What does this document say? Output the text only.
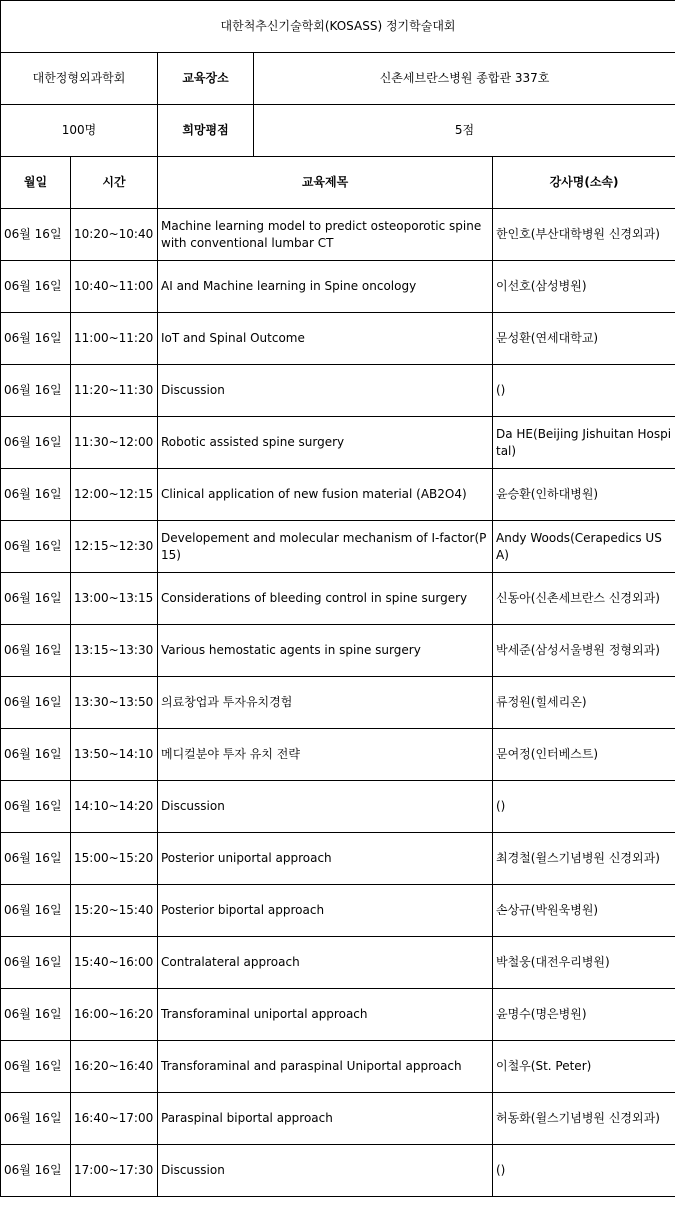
대한척추신기술학회(KOSASS) 정기학술대회				
대한정형외과학회		교육장소	신촌세브란스병원 종합관 337호	
100명		희망평점	5점	
월일	시간	교육제목		강사명(소속)
06월 16일	10:20~10:40	Machine learning model to predict osteoporotic spine with conventional lumbar CT		한인호(부산대학병원 신경외과)
06월 16일	10:40~11:00	AI and Machine learning in Spine oncology		이선호(삼성병원)
06월 16일	11:00~11:20	IoT and Spinal Outcome		문성환(연세대학교)
06월 16일	11:20~11:30	Discussion		()
06월 16일	11:30~12:00	Robotic assisted spine surgery		Da HE(Beijing Jishuitan Hospital)
06월 16일	12:00~12:15	Clinical application of new fusion material (AB2O4)		윤승환(인하대병원)
06월 16일	12:15~12:30	Developement and molecular mechanism of I-factor(P15)		Andy Woods(Cerapedics USA)
06월 16일	13:00~13:15	Considerations of bleeding control in spine surgery		신동아(신촌세브란스 신경외과)
06월 16일	13:15~13:30	Various hemostatic agents in spine surgery		박세준(삼성서울병원 정형외과)
06월 16일	13:30~13:50	의료창업과 투자유치경험		류정원(힐세리온)
06월 16일	13:50~14:10	메디컬분야 투자 유치 전략		문여정(인터베스트)
06월 16일	14:10~14:20	Discussion		()
06월 16일	15:00~15:20	Posterior uniportal approach		최경철(윌스기념병원 신경외과)
06월 16일	15:20~15:40	Posterior biportal approach		손상규(박원욱병원)
06월 16일	15:40~16:00	Contralateral approach		박철웅(대전우리병원)
06월 16일	16:00~16:20	Transforaminal uniportal approach		윤명수(명은병원)
06월 16일	16:20~16:40	Transforaminal and paraspinal Uniportal approach		이철우(St. Peter)
06월 16일	16:40~17:00	Paraspinal biportal approach		허동화(윌스기념병원 신경외과)
06월 16일	17:00~17:30	Discussion		()
